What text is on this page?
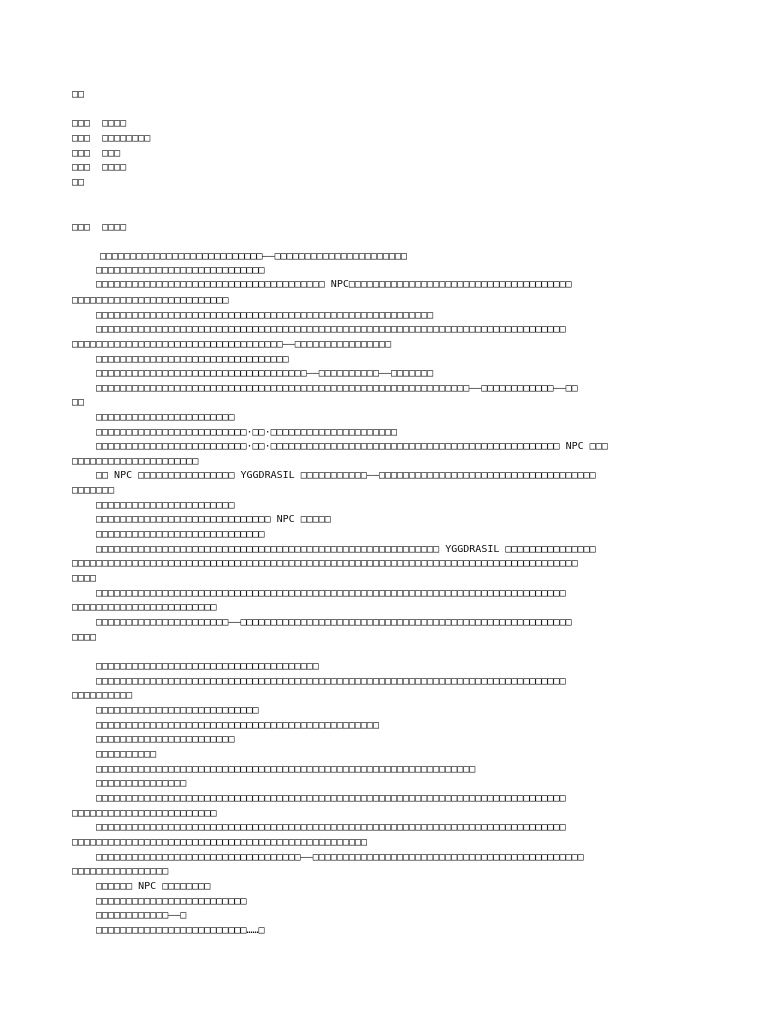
□□
□□□  □□□□
□□□  □□□□□□□□
□□□  □□□
□□□  □□□□
□□
□□□  □□□□
□□□□□□□□□□□□□□□□□□□□□□□□□□□——□□□□□□□□□□□□□□□□□□□□□□
□□□□□□□□□□□□□□□□□□□□□□□□□□□□
□□□□□□□□□□□□□□□□□□□□□□□□□□□□□□□□□□□□□□ NPC□□□□□□□□□□□□□□□□□□□□□□□□□□□□□□□□□□□□□
□□□□□□□□□□□□□□□□□□□□□□□□□□
□□□□□□□□□□□□□□□□□□□□□□□□□□□□□□□□□□□□□□□□□□□□□□□□□□□□□□□□
□□□□□□□□□□□□□□□□□□□□□□□□□□□□□□□□□□□□□□□□□□□□□□□□□□□□□□□□□□□□□□□□□□□□□□□□□□□□□□
□□□□□□□□□□□□□□□□□□□□□□□□□□□□□□□□□□□——□□□□□□□□□□□□□□□□
□□□□□□□□□□□□□□□□□□□□□□□□□□□□□□□□
□□□□□□□□□□□□□□□□□□□□□□□□□□□□□□□□□□□——□□□□□□□□□□——□□□□□□□
□□□□□□□□□□□□□□□□□□□□□□□□□□□□□□□□□□□□□□□□□□□□□□□□□□□□□□□□□□□□□□——□□□□□□□□□□□□——□□
□□
□□□□□□□□□□□□□□□□□□□□□□□
□□□□□□□□□□□□□□□□□□□□□□□□□·□□·□□□□□□□□□□□□□□□□□□□□□
□□□□□□□□□□□□□□□□□□□□□□□□□·□□·□□□□□□□□□□□□□□□□□□□□□□□□□□□□□□□□□□□□□□□□□□□□□□□□ NPC □□□
□□□□□□□□□□□□□□□□□□□□□
□□ NPC □□□□□□□□□□□□□□□□ YGGDRASIL □□□□□□□□□□□——□□□□□□□□□□□□□□□□□□□□□□□□□□□□□□□□□□□□
□□□□□□□
□□□□□□□□□□□□□□□□□□□□□□□
□□□□□□□□□□□□□□□□□□□□□□□□□□□□□ NPC □□□□□
□□□□□□□□□□□□□□□□□□□□□□□□□□□□
□□□□□□□□□□□□□□□□□□□□□□□□□□□□□□□□□□□□□□□□□□□□□□□□□□□□□□□□□ YGGDRASIL □□□□□□□□□□□□□□□
□□□□□□□□□□□□□□□□□□□□□□□□□□□□□□□□□□□□□□□□□□□□□□□□□□□□□□□□□□□□□□□□□□□□□□□□□□□□□□□□□□□□
□□□□
□□□□□□□□□□□□□□□□□□□□□□□□□□□□□□□□□□□□□□□□□□□□□□□□□□□□□□□□□□□□□□□□□□□□□□□□□□□□□□
□□□□□□□□□□□□□□□□□□□□□□□□
□□□□□□□□□□□□□□□□□□□□□□——□□□□□□□□□□□□□□□□□□□□□□□□□□□□□□□□□□□□□□□□□□□□□□□□□□□□□□□
□□□□
□□□□□□□□□□□□□□□□□□□□□□□□□□□□□□□□□□□□□
□□□□□□□□□□□□□□□□□□□□□□□□□□□□□□□□□□□□□□□□□□□□□□□□□□□□□□□□□□□□□□□□□□□□□□□□□□□□□□
□□□□□□□□□□
□□□□□□□□□□□□□□□□□□□□□□□□□□□
□□□□□□□□□□□□□□□□□□□□□□□□□□□□□□□□□□□□□□□□□□□□□□□
□□□□□□□□□□□□□□□□□□□□□□□
□□□□□□□□□□
□□□□□□□□□□□□□□□□□□□□□□□□□□□□□□□□□□□□□□□□□□□□□□□□□□□□□□□□□□□□□□□
□□□□□□□□□□□□□□□
□□□□□□□□□□□□□□□□□□□□□□□□□□□□□□□□□□□□□□□□□□□□□□□□□□□□□□□□□□□□□□□□□□□□□□□□□□□□□□
□□□□□□□□□□□□□□□□□□□□□□□□
□□□□□□□□□□□□□□□□□□□□□□□□□□□□□□□□□□□□□□□□□□□□□□□□□□□□□□□□□□□□□□□□□□□□□□□□□□□□□□
□□□□□□□□□□□□□□□□□□□□□□□□□□□□□□□□□□□□□□□□□□□□□□□□□
□□□□□□□□□□□□□□□□□□□□□□□□□□□□□□□□□□——□□□□□□□□□□□□□□□□□□□□□□□□□□□□□□□□□□□□□□□□□□□□□
□□□□□□□□□□□□□□□□
□□□□□□ NPC □□□□□□□□
□□□□□□□□□□□□□□□□□□□□□□□□□
□□□□□□□□□□□□——□
□□□□□□□□□□□□□□□□□□□□□□□□□……□
